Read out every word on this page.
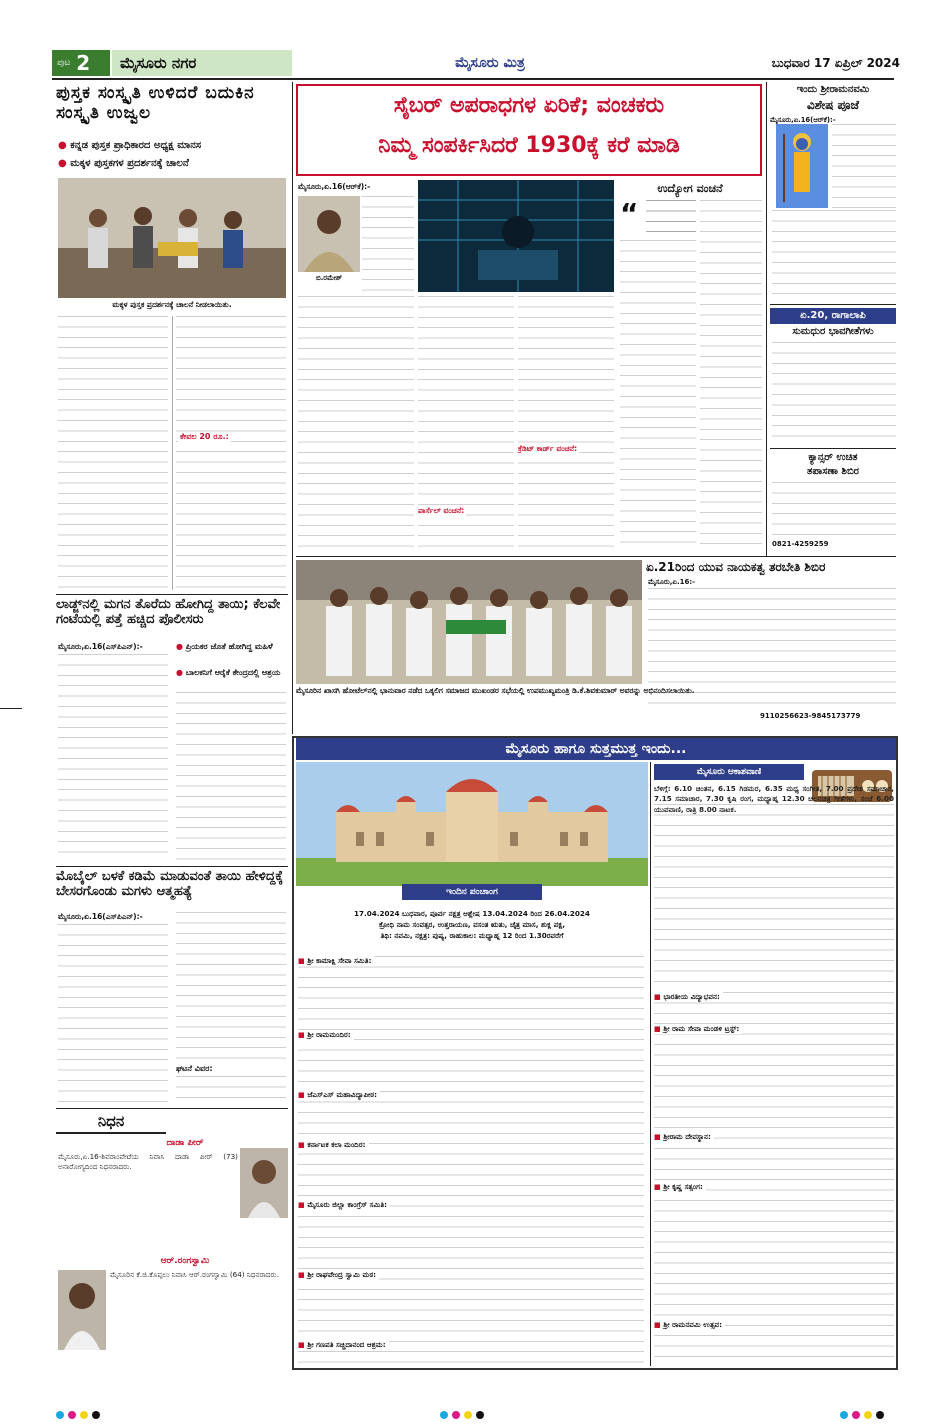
ಪುಟ 2	ಮೈಸೂರು ನಗರ	ಮೈಸೂರು ಮಿತ್ರ	ಬುಧವಾರ 17 ಏಪ್ರಿಲ್ 2024
ಪುಸ್ತಕ ಸಂಸ್ಕೃತಿ ಉಳಿದರೆ ಬದುಕಿನ ಸಂಸ್ಕೃತಿ ಉಜ್ವಲ
● ಕನ್ನಡ ಪುಸ್ತಕ ಪ್ರಾಧಿಕಾರದ ಅಧ್ಯಕ್ಷ ಮಾನಸ
● ಮಕ್ಕಳ ಪುಸ್ತಕಗಳ ಪ್ರದರ್ಶನಕ್ಕೆ ಚಾಲನೆ
ಮಕ್ಕಳ ಪುಸ್ತಕ ಪ್ರದರ್ಶನಕ್ಕೆ ಚಾಲನೆ ನೀಡಲಾಯಿತು.
ಕೇವಲ 20 ರೂ.:
ಲಾಡ್ಜ್‌ನಲ್ಲಿ ಮಗನ ತೊರೆದು ಹೋಗಿದ್ದ ತಾಯಿ; ಕೆಲವೇ ಗಂಟೆಯಲ್ಲಿ ಪತ್ತೆ ಹಚ್ಚಿದ ಪೊಲೀಸರು
ಮೈಸೂರು,ಏ.16(ಎಸ್‌ಪಿಎನ್):-	● ಪ್ರಿಯಕರ ಜೊತೆ ಹೋಗಿದ್ದ ಮಹಿಳೆ
● ಬಾಲಕನಿಗೆ ಆರೈಕೆ ಕೇಂದ್ರದಲ್ಲಿ ಆಶ್ರಯ
ಮೊಬೈಲ್ ಬಳಕೆ ಕಡಿಮೆ ಮಾಡುವಂತೆ ತಾಯಿ ಹೇಳಿದ್ದಕ್ಕೆ ಬೇಸರಗೊಂಡು ಮಗಳು ಆತ್ಮಹತ್ಯೆ
ಮೈಸೂರು,ಏ.16(ಎಸ್‌ಪಿಎನ್):-
ಘಟನೆ ವಿವರ:
ನಿಧನ
ದಾಡಾ ಪೀರ್
ಮೈಸೂರು,ಏ.16-ಶಿವರಾಂಪೇಟೆಯ ನಿವಾಸಿ ದಾಡಾ ಪೀರ್ (73) ಅನಾರೋಗ್ಯದಿಂದ ನಿಧನರಾದರು.
ಆರ್.ರಂಗಸ್ವಾಮಿ
ಮೈಸೂರಿನ ಕೆ.ಜಿ.ಕೊಪ್ಪಲು ನಿವಾಸಿ ಆರ್.ರಂಗಸ್ವಾಮಿ (64) ನಿಧನರಾದರು.
ಸೈಬರ್ ಅಪರಾಧಗಳ ಏರಿಕೆ; ವಂಚಕರು
ನಿಮ್ಮ ಸಂಪರ್ಕಿಸಿದರೆ 1930ಕ್ಕೆ ಕರೆ ಮಾಡಿ
ಮೈಸೂರು,ಏ.16(ಆರ್‌ಕೆ):-
ಬಿ.ರಮೇಶ್
ಪಾರ್ಸೆಲ್ ವಂಚನೆ:
ಕ್ರೆಡಿಟ್ ಕಾರ್ಡ್ ವಂಚನೆ:
ಉದ್ಯೋಗ ವಂಚನೆ
“
ಇಂದು ಶ್ರೀರಾಮನವಮಿ
ವಿಶೇಷ ಪೂಜೆ
ಮೈಸೂರು,ಏ.16(ಆರ್‌ಕೆ):-
ಏ.20, ರಾಗಾಲಾಪಿ
ಸುಮಧುರ ಭಾವಗೀತೆಗಳು
ಕ್ಯಾನ್ಸರ್ ಉಚಿತ
ತಪಾಸಣಾ ಶಿಬಿರ
0821-4259259
ಮೈಸೂರಿನ ಖಾಸಗಿ ಹೋಟೆಲ್‌ನಲ್ಲಿ ಭಾನುವಾರ ನಡೆದ ಒಕ್ಕಲಿಗ ಸಮಾಜದ ಮುಖಂಡರ ಸಭೆಯಲ್ಲಿ ಉಪಮುಖ್ಯಮಂತ್ರಿ ಡಿ.ಕೆ.ಶಿವಕುಮಾರ್ ಅವರನ್ನು ಅಭಿನಂದಿಸಲಾಯಿತು.
ಏ.21ರಿಂದ ಯುವ ನಾಯಕತ್ವ ತರಬೇತಿ ಶಿಬಿರ
ಮೈಸೂರು,ಏ.16:-
9110256623-9845173779
ಮೈಸೂರು ಹಾಗೂ ಸುತ್ತಮುತ್ತ ಇಂದು...
ಇಂದಿನ ಪಂಚಾಂಗ
17.04.2024 ಬುಧವಾರ, ಪೂರ್ವ ನಕ್ಷತ್ರ ಆಶ್ಲೇಷ 13.04.2024 ರಿಂದ 26.04.2024
ಕ್ರೋಧಿ ನಾಮ ಸಂವತ್ಸರ, ಉತ್ತರಾಯಣ, ವಸಂತ ಋತು, ಚೈತ್ರ ಮಾಸ, ಶುಕ್ಲ ಪಕ್ಷ,
ತಿಥಿ: ನವಮಿ, ನಕ್ಷತ್ರ: ಪುಷ್ಯ, ರಾಹುಕಾಲ: ಮಧ್ಯಾಹ್ನ 12 ರಿಂದ 1.30ರವರೆಗೆ
■ ಶ್ರೀ ಕಾಮಾಕ್ಷಿ ಸೇವಾ ಸಮಿತಿ:
■ ಶ್ರೀ ರಾಮಮಂದಿರ:
■ ಜೆಎಸ್‌ಎಸ್ ಮಹಾವಿದ್ಯಾಪೀಠ:
■ ಕರ್ನಾಟಕ ಕಲಾ ಮಂದಿರ:
■ ಮೈಸೂರು ಜಿಲ್ಲಾ ಕಾಂಗ್ರೆಸ್ ಸಮಿತಿ:
■ ಶ್ರೀ ರಾಘವೇಂದ್ರ ಸ್ವಾಮಿ ಮಠ:
■ ಶ್ರೀ ಗಣಪತಿ ಸಚ್ಚಿದಾನಂದ ಆಶ್ರಮ:
ಮೈಸೂರು ಆಕಾಶವಾಣಿ
ಬೆಳಿಗ್ಗೆ: 6.10 ಚಿಂತನ, 6.15 ಗಿಡಮರ, 6.35 ಮಧ್ಯ ಸಂಗೀತ, 7.00 ಪ್ರದೇಶ ಸಮಾಚಾರ, 7.15 ಸಮಾಚಾರ, 7.30 ಕೃಷಿ ರಂಗ, ಮಧ್ಯಾಹ್ನ 12.30 ಚಲನಚಿತ್ರ ಗೀತೆಗಳು, ಸಂಜೆ 6.00 ಯುವವಾಣಿ, ರಾತ್ರಿ 8.00 ನಾಟಕ.
■ ಭಾರತೀಯ ವಿದ್ಯಾಭವನ:
■ ಶ್ರೀ ರಾಮ ಸೇವಾ ಮಂಡಳಿ ಟ್ರಸ್ಟ್:
■ ಶ್ರೀರಾಮ ದೇವಸ್ಥಾನ:
■ ಶ್ರೀ ಕೃಷ್ಣ ಸತ್ಸಂಗ:
■ ಶ್ರೀ ರಾಮನವಮಿ ಉತ್ಸವ:
